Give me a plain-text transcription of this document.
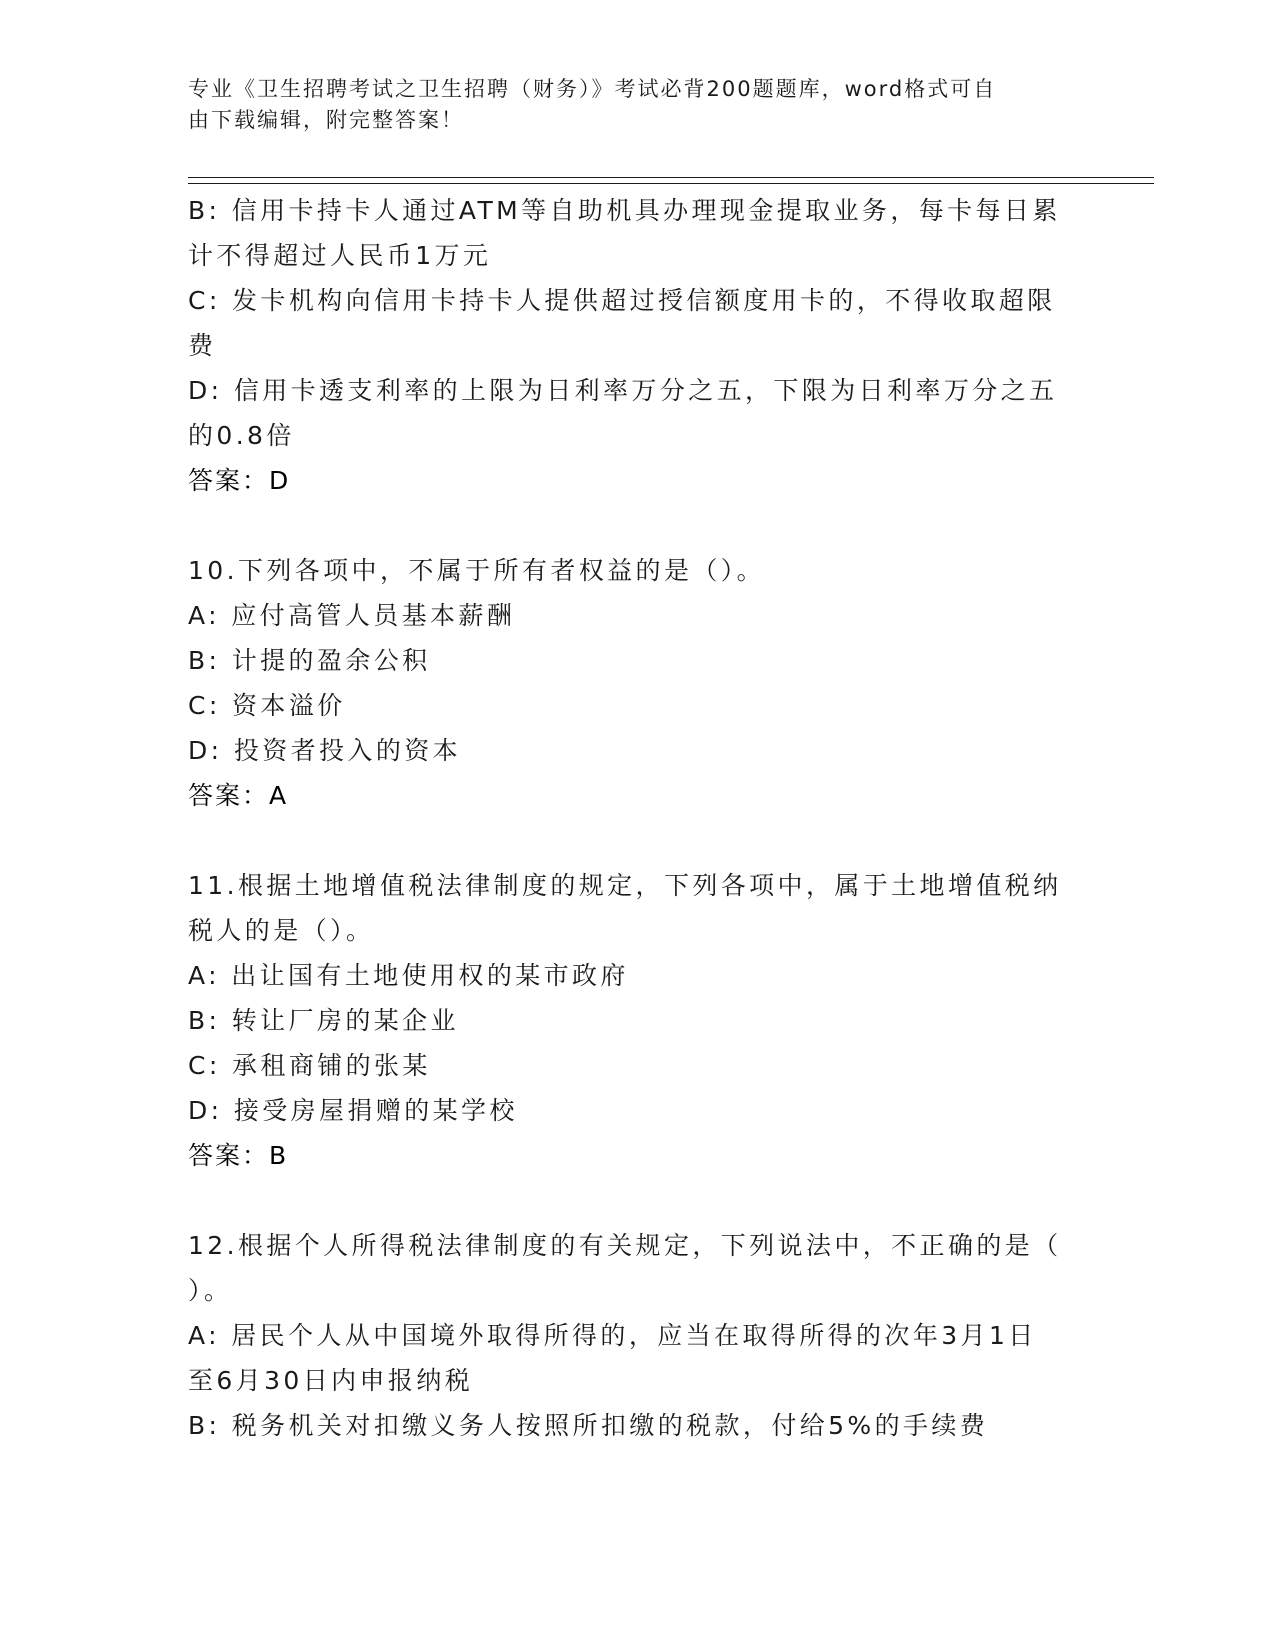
专业《卫生招聘考试之卫生招聘（财务）》考试必背200题题库，word格式可自
由下载编辑，附完整答案！
B: 信用卡持卡人通过ATM等自助机具办理现金提取业务，每卡每日累
计不得超过人民币1万元
C: 发卡机构向信用卡持卡人提供超过授信额度用卡的，不得收取超限
费
D: 信用卡透支利率的上限为日利率万分之五，下限为日利率万分之五
的0.8倍
答案：D
10.下列各项中，不属于所有者权益的是（）。
A: 应付高管人员基本薪酬
B: 计提的盈余公积
C: 资本溢价
D: 投资者投入的资本
答案：A
11.根据土地增值税法律制度的规定，下列各项中，属于土地增值税纳
税人的是（）。
A: 出让国有土地使用权的某市政府
B: 转让厂房的某企业
C: 承租商铺的张某
D: 接受房屋捐赠的某学校
答案：B
12.根据个人所得税法律制度的有关规定，下列说法中，不正确的是（
）。
A: 居民个人从中国境外取得所得的，应当在取得所得的次年3月1日
至6月30日内申报纳税
B: 税务机关对扣缴义务人按照所扣缴的税款，付给5%的手续费
